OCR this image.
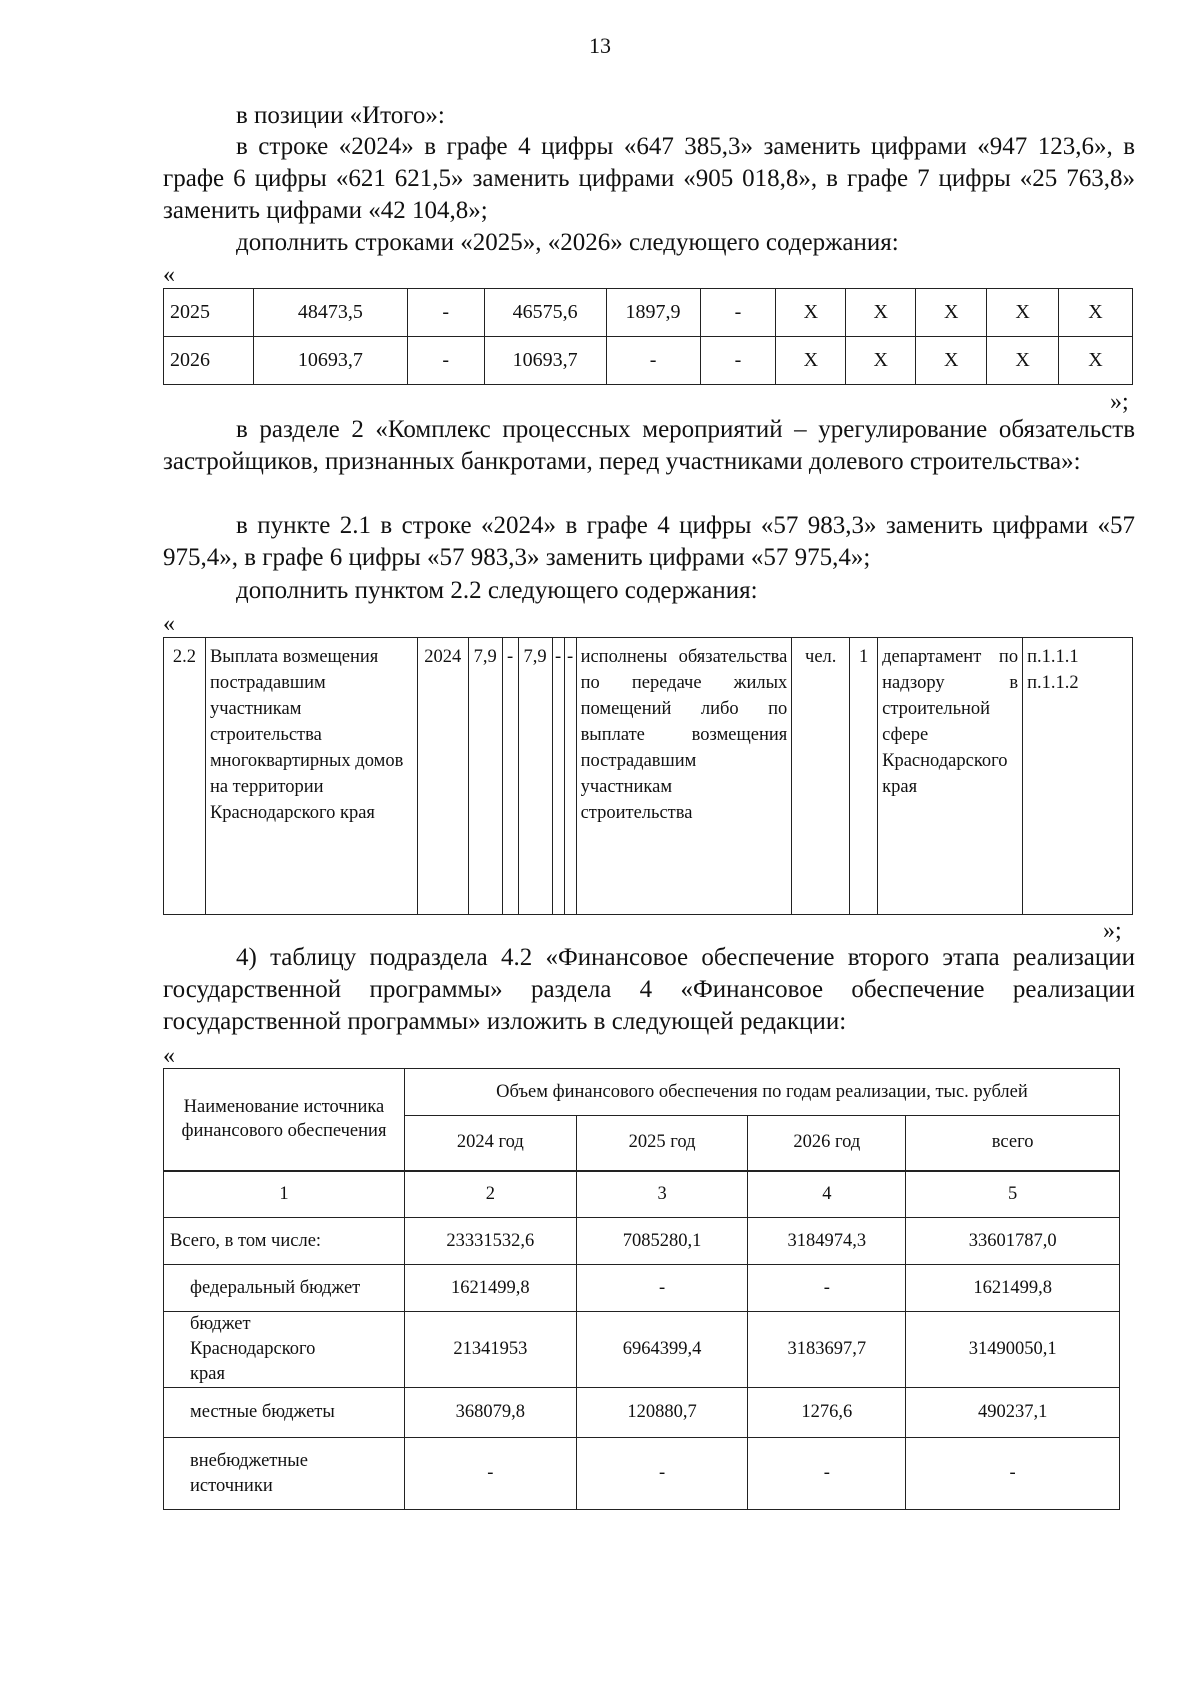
13
в позиции «Итого»:
в строке «2024» в графе 4 цифры «647 385,3» заменить цифрами «947 123,6», в графе 6 цифры «621 621,5» заменить цифрами «905 018,8», в графе 7 цифры «25 763,8» заменить цифрами «42 104,8»;
дополнить строками «2025», «2026» следующего содержания:
«
2025	48473,5	-	46575,6	1897,9	-	X	X	X	X	X
2026	10693,7	-	10693,7	-	-	X	X	X	X	X
»;
в разделе 2 «Комплекс процессных мероприятий – урегулирование обязательств застройщиков, признанных банкротами, перед участниками долевого строительства»:
в пункте 2.1 в строке «2024» в графе 4 цифры «57 983,3» заменить цифрами «57 975,4», в графе 6 цифры «57 983,3» заменить цифрами «57 975,4»;
дополнить пунктом 2.2 следующего содержания:
«
2.2	Выплата возмещения пострадавшим участникам строительства многоквартирных домов на территории Краснодарского края	2024	7,9	-	7,9	-	-	исполнены обязательства по передаче жилых помещений либо по выплате возмещения пострадавшим участникам строительства	чел.	1	департамент по надзору в строительной сфере Краснодарского края	п.1.1.1 п.1.1.2
»;
4) таблицу подраздела 4.2 «Финансовое обеспечение второго этапа реализации государственной программы» раздела 4 «Финансовое обеспечение реализации государственной программы» изложить в следующей редакции:
«
Наименование источника финансового обеспечения	Объем финансового обеспечения по годам реализации, тыс. рублей			
	2024 год	2025 год	2026 год	всего
1	2	3	4	5
Всего, в том числе:	23331532,6	7085280,1	3184974,3	33601787,0
федеральный бюджет	1621499,8	-	-	1621499,8
бюджет Краснодарского края	21341953	6964399,4	3183697,7	31490050,1
местные бюджеты	368079,8	120880,7	1276,6	490237,1
внебюджетные источники	-	-	-	-
